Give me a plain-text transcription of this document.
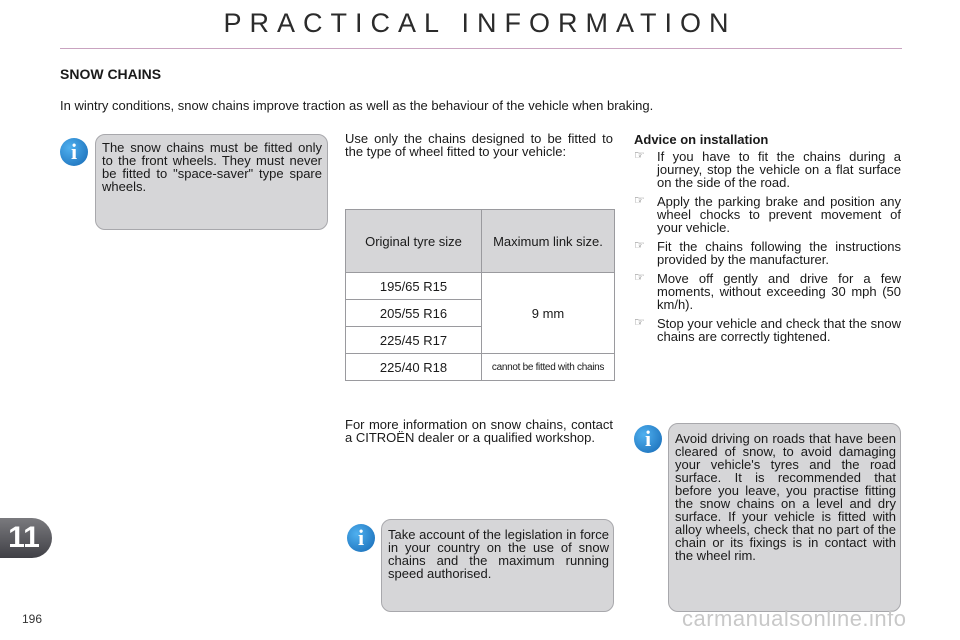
PRACTICAL INFORMATION
SNOW CHAINS
In wintry conditions, snow chains improve traction as well as the behaviour of the vehicle when braking.
i	The snow chains must be fitted only to the front wheels. They must never be fitted to "space-saver" type spare wheels.
Use only the chains designed to be fitted to the type of wheel fitted to your vehicle:
Original tyre size	Maximum link size.
195/65 R15	9 mm
205/55 R16	
225/45 R17	
225/40 R18	cannot be fitted with chains
For more information on snow chains, contact a CITROËN dealer or a qualified workshop.
i	Take account of the legislation in force in your country on the use of snow chains and the maximum running speed authorised.
Advice on installation
☞ If you have to fit the chains during a journey, stop the vehicle on a flat surface on the side of the road.
☞ Apply the parking brake and position any wheel chocks to prevent movement of your vehicle.
☞ Fit the chains following the instructions provided by the manufacturer.
☞ Move off gently and drive for a few moments, without exceeding 30 mph (50 km/h).
☞ Stop your vehicle and check that the snow chains are correctly tightened.
i	Avoid driving on roads that have been cleared of snow, to avoid damaging your vehicle's tyres and the road surface. It is recommended that before you leave, you practise fitting the snow chains on a level and dry surface. If your vehicle is fitted with alloy wheels, check that no part of the chain or its fixings is in contact with the wheel rim.
11
196	carmanualsonline.info
